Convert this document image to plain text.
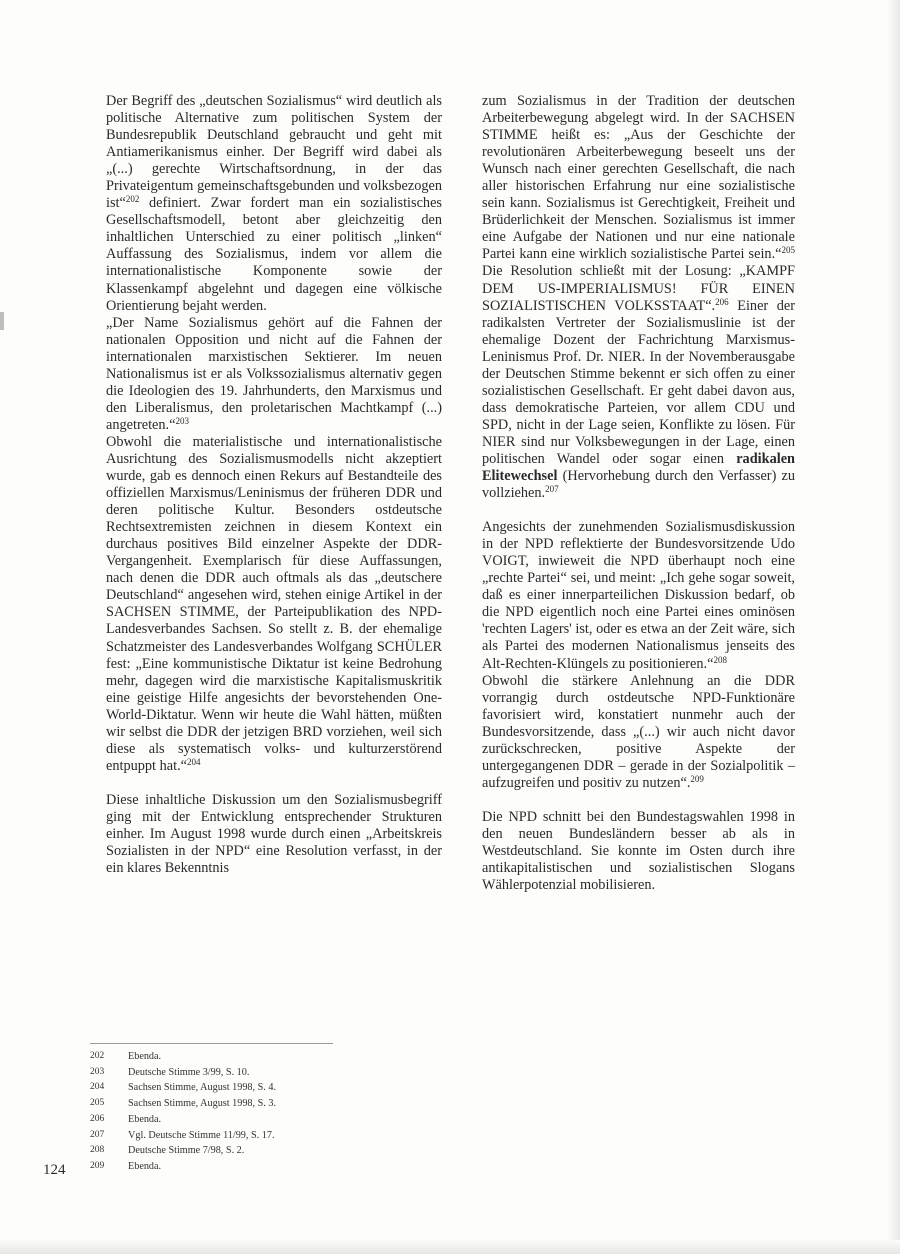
Der Begriff des „deutschen Sozialismus“ wird deutlich als politische Alternative zum politischen System der Bundesrepublik Deutschland gebraucht und geht mit Antiamerikanismus einher. Der Begriff wird dabei als „(...) gerechte Wirtschaftsordnung, in der das Privateigentum gemeinschaftsgebunden und volksbezogen ist“$^{202}$ definiert. Zwar fordert man ein sozialistisches Gesellschaftsmodell, betont aber gleichzeitig den inhaltlichen Unterschied zu einer politisch „linken“ Auffassung des Sozialismus, indem vor allem die internationalistische Komponente sowie der Klassenkampf abgelehnt und dagegen eine völkische Orientierung bejaht werden.

„Der Name Sozialismus gehört auf die Fahnen der nationalen Opposition und nicht auf die Fahnen der internationalen marxistischen Sektierer. Im neuen Nationalismus ist er als Volkssozialismus alternativ gegen die Ideologien des 19. Jahrhunderts, den Marxismus und den Liberalismus, den proletarischen Machtkampf (...) angetreten.“$^{203}$

Obwohl die materialistische und internationalistische Ausrichtung des Sozialismusmodells nicht akzeptiert wurde, gab es dennoch einen Rekurs auf Bestandteile des offiziellen Marxismus/Leninismus der früheren DDR und deren politische Kultur. Besonders ostdeutsche Rechtsextremisten zeichnen in diesem Kontext ein durchaus positives Bild einzelner Aspekte der DDR-Vergangenheit. Exemplarisch für diese Auffassungen, nach denen die DDR auch oftmals als das „deutschere Deutschland“ angesehen wird, stehen einige Artikel in der SACHSEN STIMME, der Parteipublikation des NPD-Landesverbandes Sachsen. So stellt z. B. der ehemalige Schatzmeister des Landesverbandes Wolfgang SCHÜLER fest: „Eine kommunistische Diktatur ist keine Bedrohung mehr, dagegen wird die marxistische Kapitalismuskritik eine geistige Hilfe angesichts der bevorstehenden One-World-Diktatur. Wenn wir heute die Wahl hätten, müßten wir selbst die DDR der jetzigen BRD vorziehen, weil sich diese als systematisch volks- und kulturzerstörend entpuppt hat.“$^{204}$

Diese inhaltliche Diskussion um den Sozialismusbegriff ging mit der Entwicklung entsprechender Strukturen einher. Im August 1998 wurde durch einen „Arbeitskreis Sozialisten in der NPD“ eine Resolution verfasst, in der ein klares Bekenntnis

zum Sozialismus in der Tradition der deutschen Arbeiterbewegung abgelegt wird. In der SACHSEN STIMME heißt es: „Aus der Geschichte der revolutionären Arbeiterbewegung beseelt uns der Wunsch nach einer gerechten Gesellschaft, die nach aller historischen Erfahrung nur eine sozialistische sein kann. Sozialismus ist Gerechtigkeit, Freiheit und Brüderlichkeit der Menschen. Sozialismus ist immer eine Aufgabe der Nationen und nur eine nationale Partei kann eine wirklich sozialistische Partei sein.“$^{205}$ Die Resolution schließt mit der Losung: „KAMPF DEM US-IMPERIALISMUS! FÜR EINEN SOZIALISTISCHEN VOLKSSTAAT“.$^{206}$ Einer der radikalsten Vertreter der Sozialismuslinie ist der ehemalige Dozent der Fachrichtung Marxismus-Leninismus Prof. Dr. NIER. In der Novemberausgabe der Deutschen Stimme bekennt er sich offen zu einer sozialistischen Gesellschaft. Er geht dabei davon aus, dass demokratische Parteien, vor allem CDU und SPD, nicht in der Lage seien, Konflikte zu lösen. Für NIER sind nur Volksbewegungen in der Lage, einen politischen Wandel oder sogar einen radikalen Elitewechsel (Hervorhebung durch den Verfasser) zu vollziehen.$^{207}$

Angesichts der zunehmenden Sozialismusdiskussion in der NPD reflektierte der Bundesvorsitzende Udo VOIGT, inwieweit die NPD überhaupt noch eine „rechte Partei“ sei, und meint: „Ich gehe sogar soweit, daß es einer innerparteilichen Diskussion bedarf, ob die NPD eigentlich noch eine Partei eines ominösen 'rechten Lagers' ist, oder es etwa an der Zeit wäre, sich als Partei des modernen Nationalismus jenseits des Alt-Rechten-Klüngels zu positionieren.“$^{208}$

Obwohl die stärkere Anlehnung an die DDR vorrangig durch ostdeutsche NPD-Funktionäre favorisiert wird, konstatiert nunmehr auch der Bundesvorsitzende, dass „(...) wir auch nicht davor zurückschrecken, positive Aspekte der untergegangenen DDR – gerade in der Sozialpolitik – aufzugreifen und positiv zu nutzen“.$^{209}$

Die NPD schnitt bei den Bundestagswahlen 1998 in den neuen Bundesländern besser ab als in Westdeutschland. Sie konnte im Osten durch ihre antikapitalistischen und sozialistischen Slogans Wählerpotenzial mobilisieren.

202	Ebenda.
203	Deutsche Stimme 3/99, S. 10.
204	Sachsen Stimme, August 1998, S. 4.
205	Sachsen Stimme, August 1998, S. 3.
206	Ebenda.
207	Vgl. Deutsche Stimme 11/99, S. 17.
208	Deutsche Stimme 7/98, S. 2.
209	Ebenda.
124
